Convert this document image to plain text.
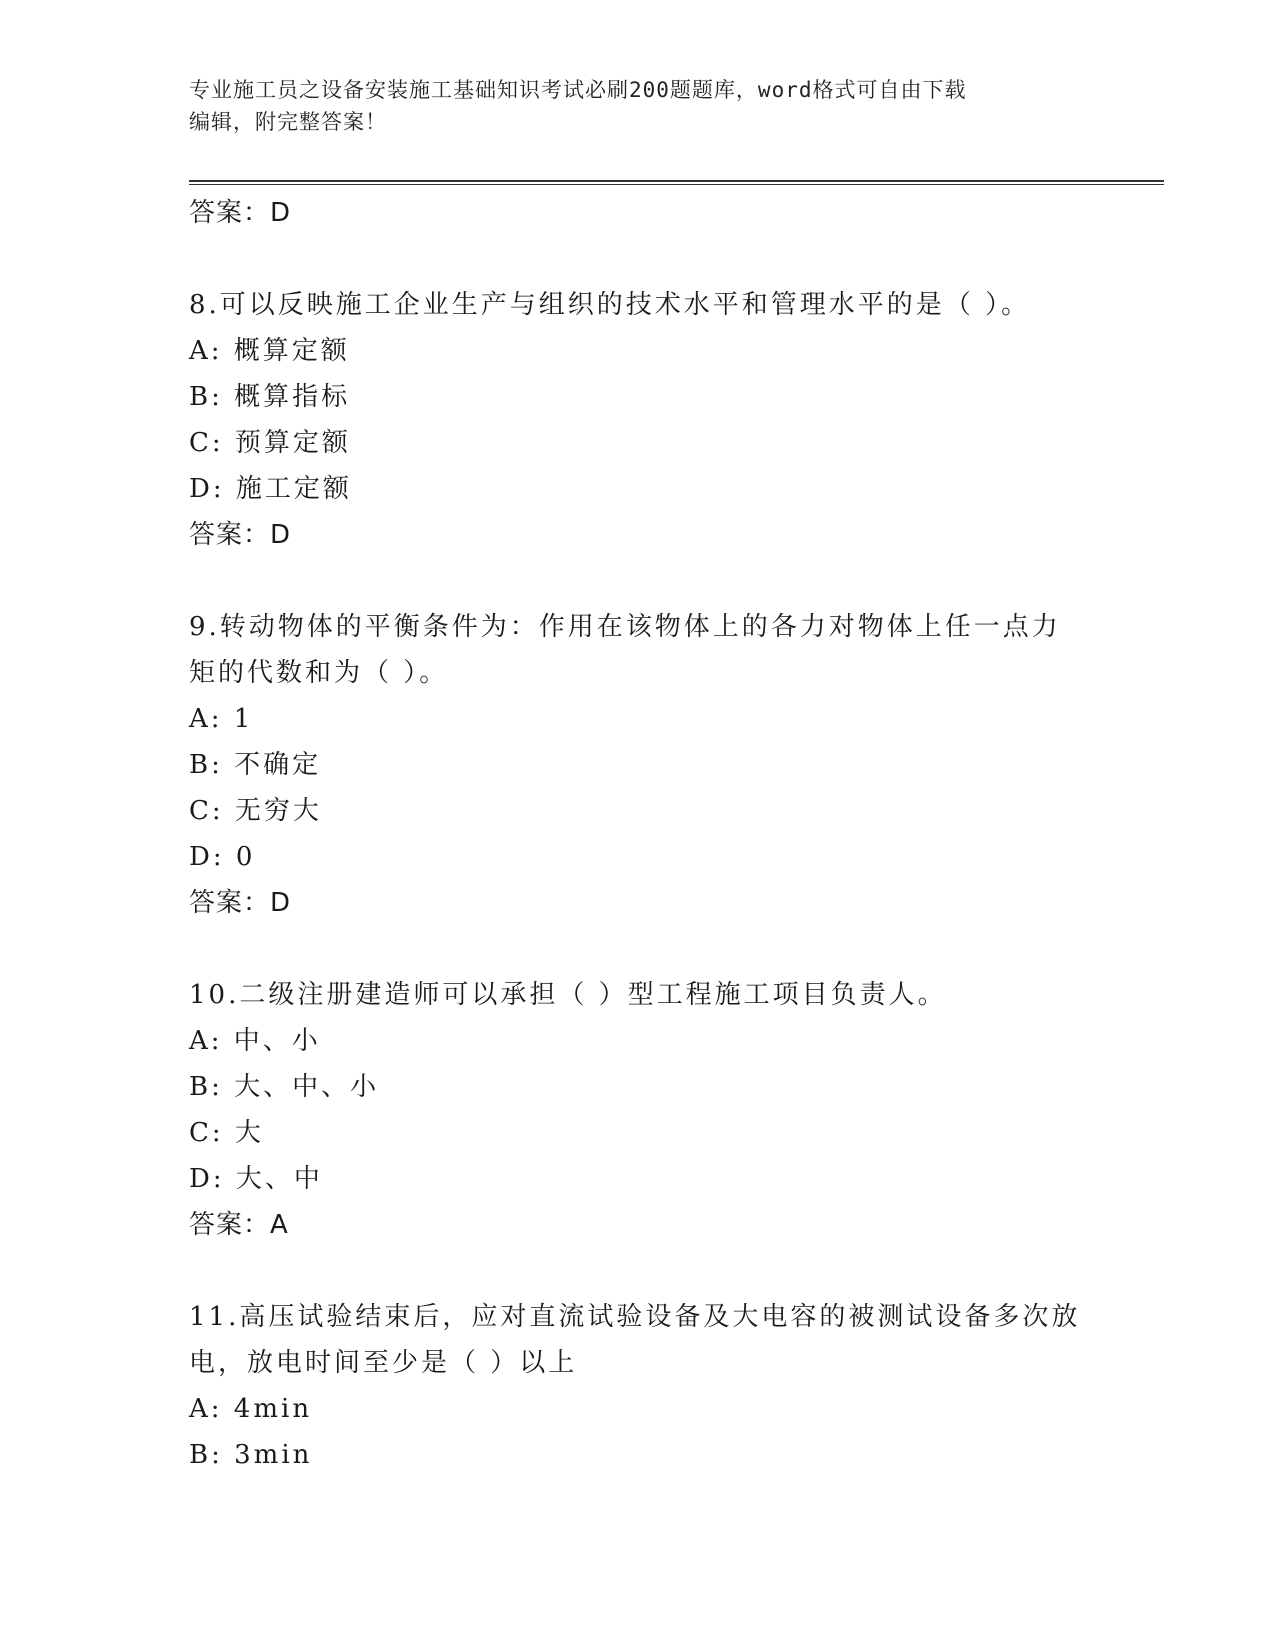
专业施工员之设备安装施工基础知识考试必刷200题题库，word格式可自由下载
编辑，附完整答案！
答案：D
8.可以反映施工企业生产与组织的技术水平和管理水平的是（ ）。
A: 概算定额
B: 概算指标
C: 预算定额
D: 施工定额
答案：D
9.转动物体的平衡条件为：作用在该物体上的各力对物体上任一点力
矩的代数和为（ ）。
A: 1
B: 不确定
C: 无穷大
D: 0
答案：D
10.二级注册建造师可以承担（ ）型工程施工项目负责人。
A: 中、小
B: 大、中、小
C: 大
D: 大、中
答案：A
11.高压试验结束后，应对直流试验设备及大电容的被测试设备多次放
电，放电时间至少是（ ）以上
A: 4min
B: 3min
